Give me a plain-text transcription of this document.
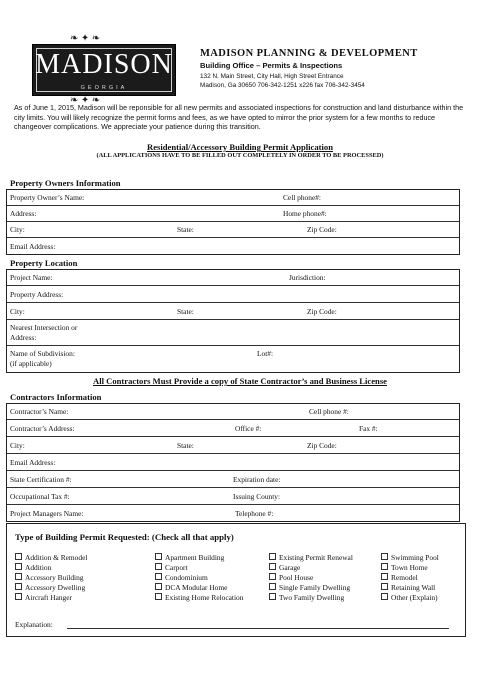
MADISON
GEORGIA
❧ ✦ ❧
❧ ✦ ❧
MADISON PLANNING & DEVELOPMENT
Building Office – Permits & Inspections
132 N. Main Street, City Hall, High Street Entrance
Madison, Ga 30650 706-342-1251 x226 fax 706-342-3454
As of June 1, 2015, Madison will be reponsible for all new permits and associated inspections for construction and land disturbance within the city limits. You will likely recognize the permit forms and fees, as we have opted to mirror the prior system for a few months to reduce changeover complications. We appreciate your patience during this transition.
Residential/Accessory Building Permit Application
(ALL APPLICATIONS HAVE TO BE FILLED OUT COMPLETELY IN ORDER TO BE PROCESSED)
Property Owners Information
Property Owner’s Name:	Cell phone#:
Address:	Home phone#:
City:	State:	Zip Code:
Email Address:
Property Location
Project Name:	Jurisdiction:
Property Address:
City:	State:	Zip Code:
Nearest Intersection or
Address:
Name of Subdivision:
(if applicable)
Lot#:
All Contractors Must Provide a copy of State Contractor’s and Business License
Contractors Information
Contractor’s Name:	Cell phone #:
Contractor’s Address:	Office #:	Fax #:
City:	State:	Zip Code:
Email Address:
State Certification #:	Expiration date:
Occupational Tax #:	Issuing County:
Project Managers Name:	Telephone #:
Type of Building Permit Requested: (Check all that apply)
Addition & Remodel
Addition
Accessory Building
Accessory Dwelling
Aircraft Hanger
Apartment Building
Carport
Condominium
DCA Modular Home
Existing Home Relocation
Existing Permit Renewal
Garage
Pool House
Single Family Dwelling
Two Family Dwelling
Swimming Pool
Town Home
Remodel
Retaining Wall
Other (Explain)
Explanation:
